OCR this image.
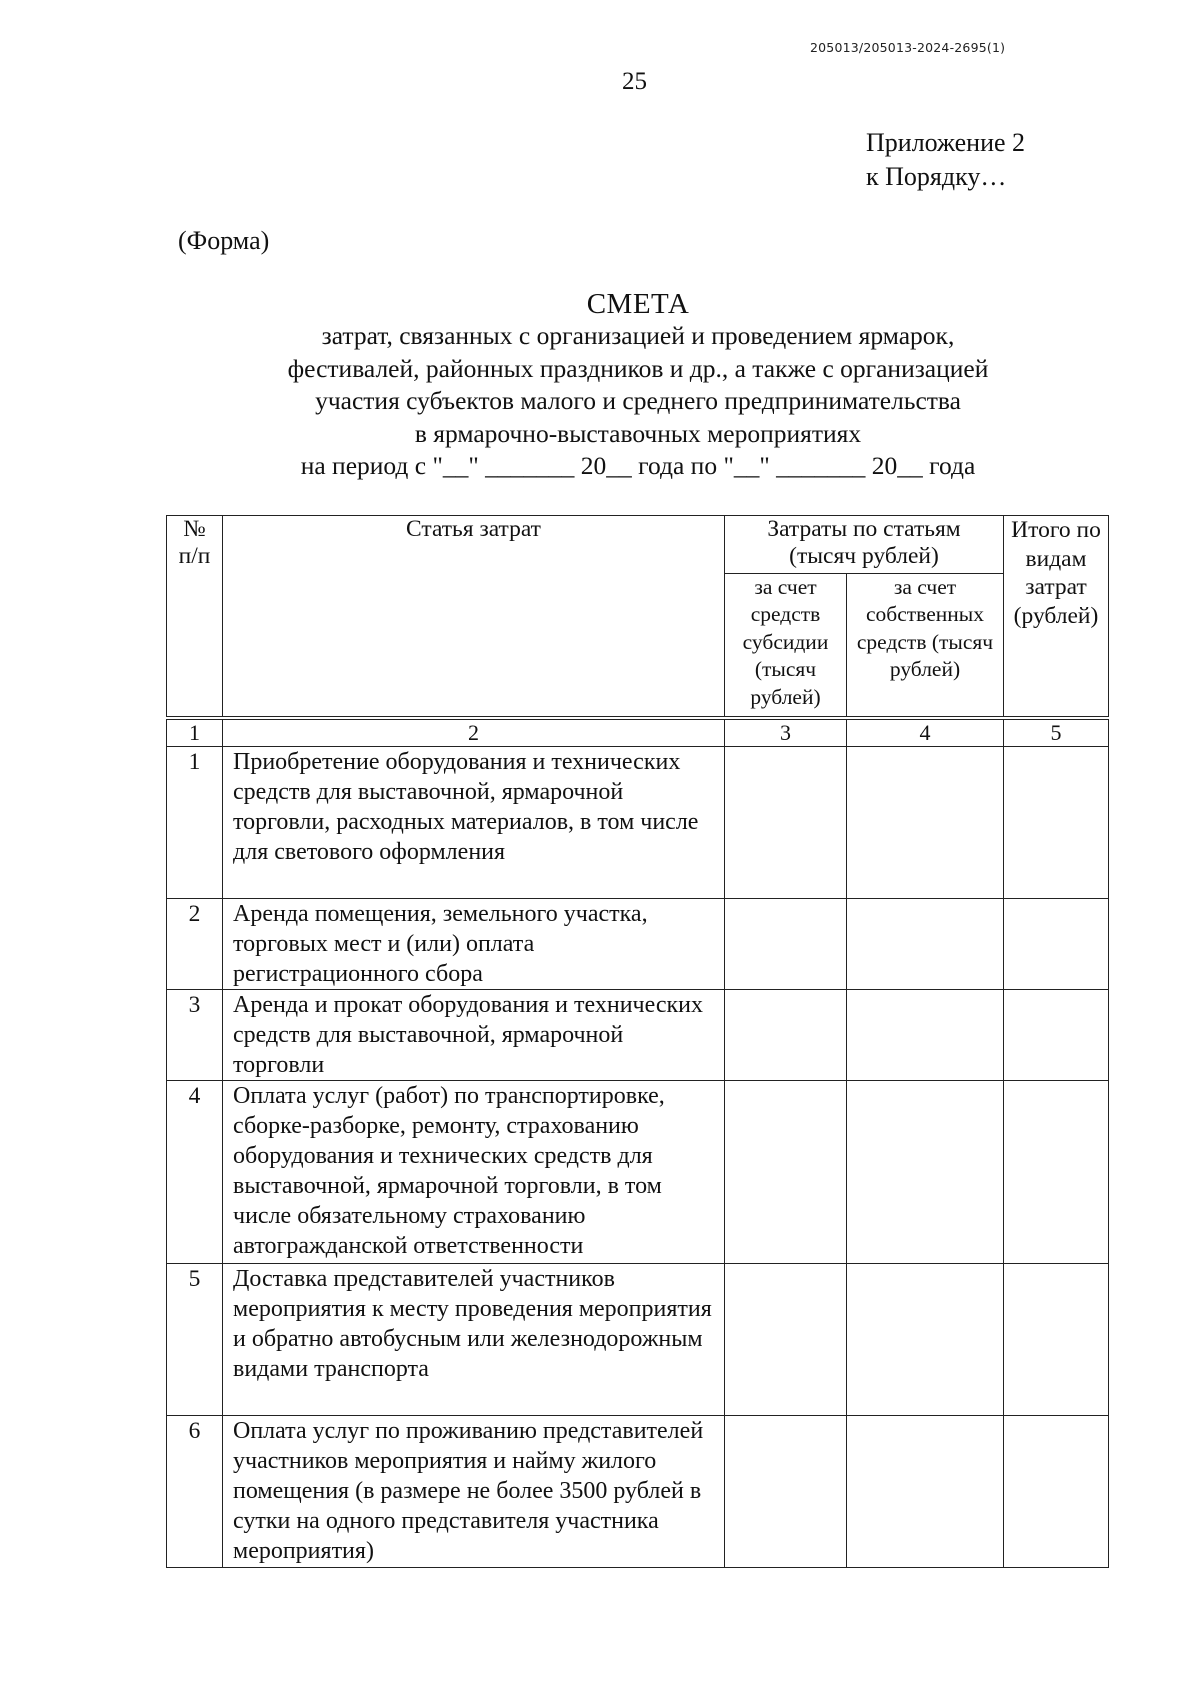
205013/205013-2024-2695(1)
25
Приложение 2
к Порядку…
(Форма)
СМЕТА
затрат, связанных с организацией и проведением ярмарок,
фестивалей, районных праздников и др., а также с организацией
участия субъектов малого и среднего предпринимательства
в ярмарочно-выставочных мероприятиях
на период с "__" _______ 20__ года по "__" _______ 20__ года
№ п/п	Статья затрат	Затраты по статьям (тысяч рублей)		Итого по видам затрат (рублей)
		за счет средств субсидии (тысяч рублей)	за счет собственных средств (тысяч рублей)	
1	2	3	4	5
1	Приобретение оборудования и технических средств для выставочной, ярмарочной торговли, расходных материалов, в том числе для светового оформления			
2	Аренда помещения, земельного участка, торговых мест и (или) оплата регистрационного сбора			
3	Аренда и прокат оборудования и технических средств для выставочной, ярмарочной торговли			
4	Оплата услуг (работ) по транспортировке, сборке-разборке, ремонту, страхованию оборудования и технических средств для выставочной, ярмарочной торговли, в том числе обязательному страхованию автогражданской ответственности			
5	Доставка представителей участников мероприятия к месту проведения мероприятия и обратно автобусным или железнодорожным видами транспорта			
6	Оплата услуг по проживанию представителей участников мероприятия и найму жилого помещения (в размере не более 3500 рублей в сутки на одного представителя участника мероприятия)			
